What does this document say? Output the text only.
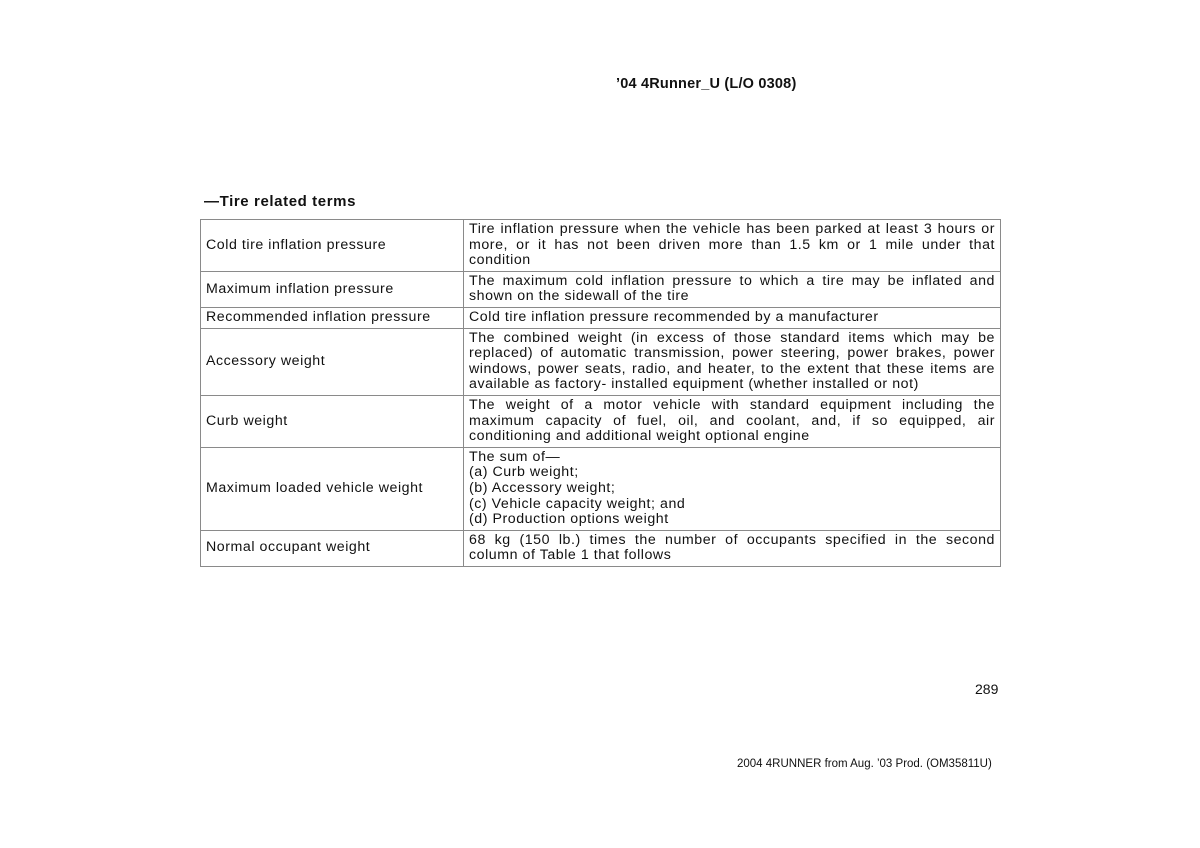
’04 4Runner_U (L/O 0308)
—Tire related terms
Cold tire inflation pressure	Tire inflation pressure when the vehicle has been parked at least 3 hours or more, or it has not been driven more than 1.5 km or 1 mile under that condition
Maximum inflation pressure	The maximum cold inflation pressure to which a tire may be inflated and shown on the sidewall of the tire
Recommended inflation pressure	Cold tire inflation pressure recommended by a manufacturer
Accessory weight	The combined weight (in excess of those standard items which may be replaced) of automatic transmission, power steering, power brakes, power windows, power seats, radio, and heater, to the extent that these items are available as factory- installed equipment (whether installed or not)
Curb weight	The weight of a motor vehicle with standard equipment including the maximum capacity of fuel, oil, and coolant, and, if so equipped, air conditioning and additional weight optional engine
Maximum loaded vehicle weight	The sum of—
(a) Curb weight;
(b) Accessory weight;
(c) Vehicle capacity weight; and
(d) Production options weight

Normal occupant weight	68 kg (150 lb.) times the number of occupants specified in the second column of Table 1 that follows
289
2004 4RUNNER from Aug. ’03 Prod. (OM35811U)
